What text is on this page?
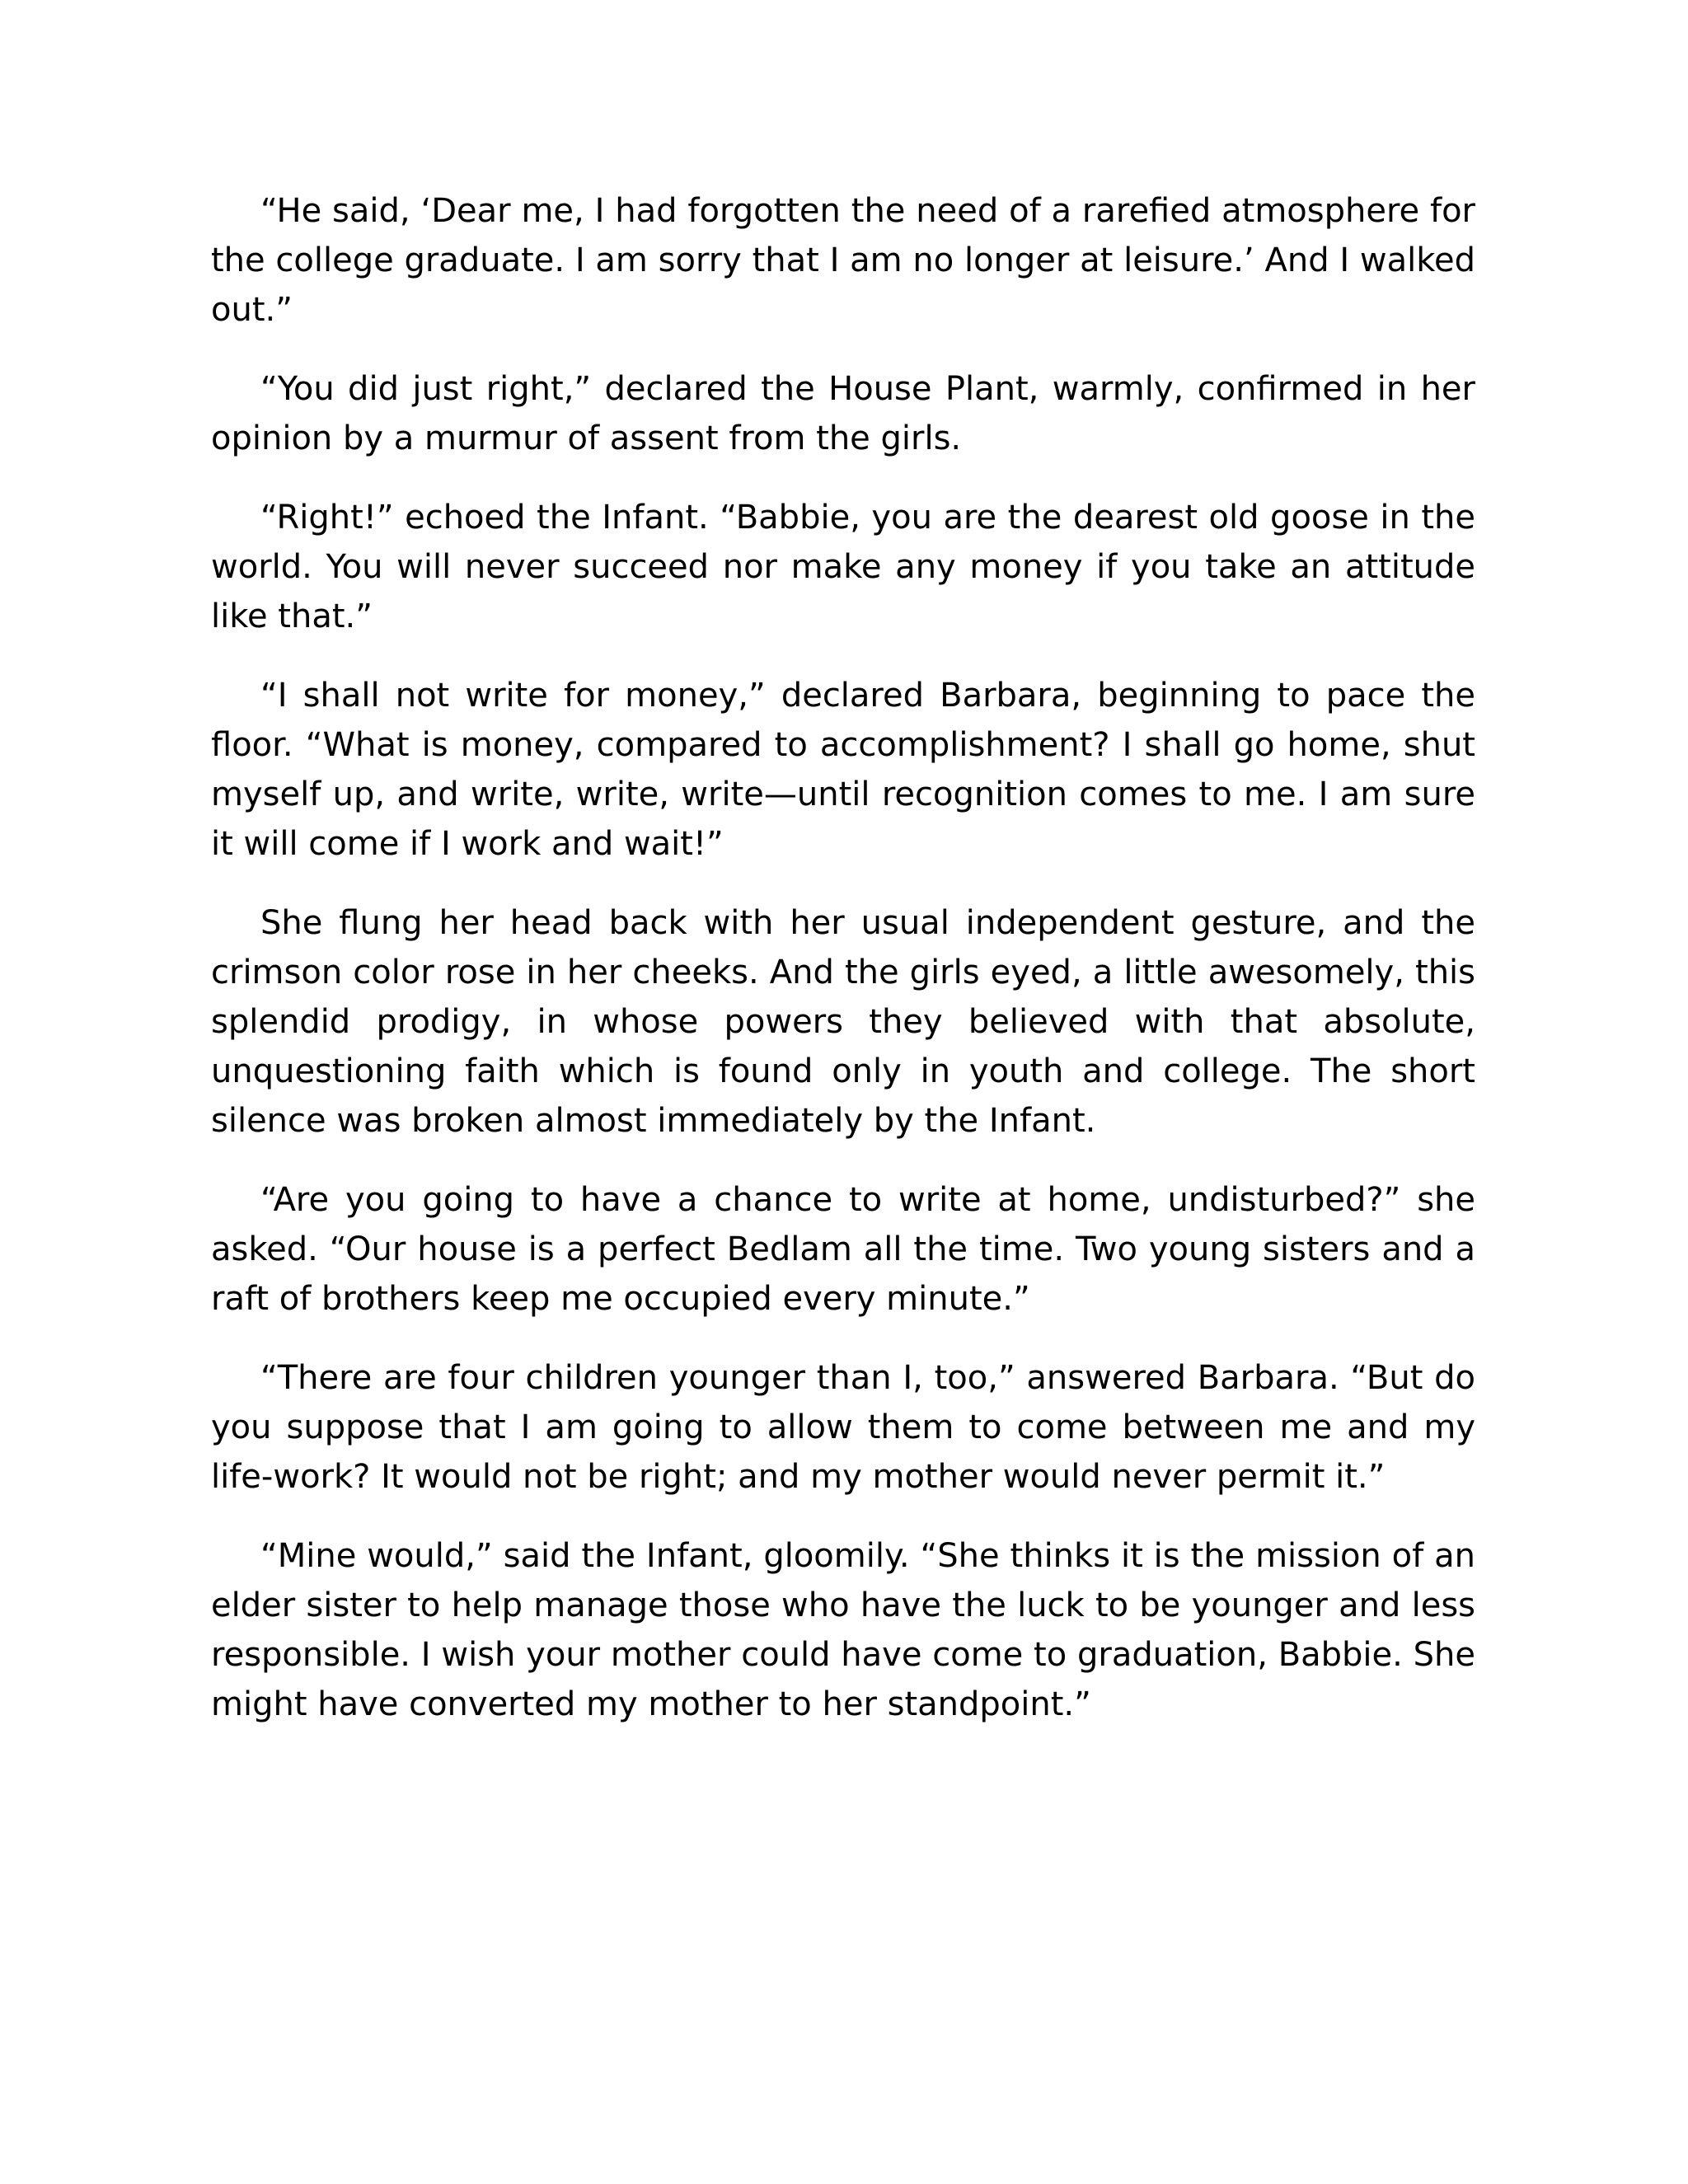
“He said, ‘Dear me, I had forgotten the need of a rarefied atmosphere for the college graduate. I am sorry that I am no longer at leisure.’ And I walked out.”

“You did just right,” declared the House Plant, warmly, confirmed in her opinion by a murmur of assent from the girls.

“Right!” echoed the Infant. “Babbie, you are the dearest old goose in the world. You will never succeed nor make any money if you take an attitude like that.”

“I shall not write for money,” declared Barbara, beginning to pace the floor. “What is money, compared to accomplishment? I shall go home, shut myself up, and write, write, write—until recognition comes to me. I am sure it will come if I work and wait!”

She flung her head back with her usual independent gesture, and the crimson color rose in her cheeks. And the girls eyed, a little awesomely, this splendid prodigy, in whose powers they believed with that absolute, unquestioning faith which is found only in youth and college. The short silence was broken almost immediately by the Infant.

“Are you going to have a chance to write at home, undisturbed?” she asked. “Our house is a perfect Bedlam all the time. Two young sisters and a raft of brothers keep me occupied every minute.”

“There are four children younger than I, too,” answered Barbara. “But do you suppose that I am going to allow them to come between me and my life-work? It would not be right; and my mother would never permit it.”

“Mine would,” said the Infant, gloomily. “She thinks it is the mission of an elder sister to help manage those who have the luck to be younger and less responsible. I wish your mother could have come to graduation, Babbie. She might have converted my mother to her standpoint.”
